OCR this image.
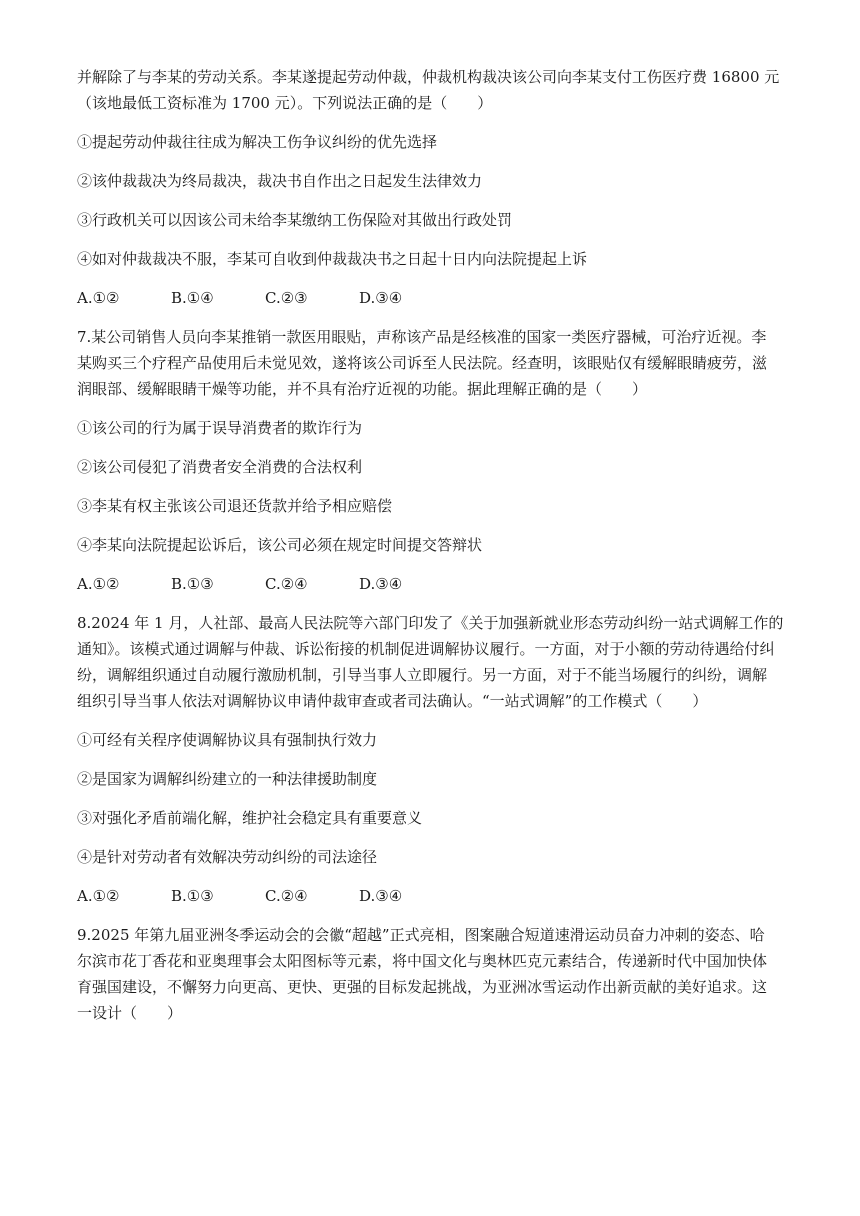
并解除了与李某的劳动关系。李某遂提起劳动仲裁，仲裁机构裁决该公司向李某支付工伤医疗费 16800 元

（该地最低工资标准为 1700 元）。下列说法正确的是（　　）

①提起劳动仲裁往往成为解决工伤争议纠纷的优先选择

②该仲裁裁决为终局裁决，裁决书自作出之日起发生法律效力

③行政机关可以因该公司未给李某缴纳工伤保险对其做出行政处罚

④如对仲裁裁决不服，李某可自收到仲裁裁决书之日起十日内向法院提起上诉

A.①②	B.①④	C.②③	D.③④

7.某公司销售人员向李某推销一款医用眼贴，声称该产品是经核准的国家一类医疗器械，可治疗近视。李

某购买三个疗程产品使用后未觉见效，遂将该公司诉至人民法院。经查明，该眼贴仅有缓解眼睛疲劳，滋

润眼部、缓解眼睛干燥等功能，并不具有治疗近视的功能。据此理解正确的是（　　）

①该公司的行为属于误导消费者的欺诈行为

②该公司侵犯了消费者安全消费的合法权利

③李某有权主张该公司退还货款并给予相应赔偿

④李某向法院提起讼诉后，该公司必须在规定时间提交答辩状

A.①②	B.①③	C.②④	D.③④

8.2024 年 1 月，人社部、最高人民法院等六部门印发了《关于加强新就业形态劳动纠纷一站式调解工作的

通知》。该模式通过调解与仲裁、诉讼衔接的机制促进调解协议履行。一方面，对于小额的劳动待遇给付纠

纷，调解组织通过自动履行激励机制，引导当事人立即履行。另一方面，对于不能当场履行的纠纷，调解

组织引导当事人依法对调解协议申请仲裁审查或者司法确认。“一站式调解”的工作模式（　　）

①可经有关程序使调解协议具有强制执行效力

②是国家为调解纠纷建立的一种法律援助制度

③对强化矛盾前端化解，维护社会稳定具有重要意义

④是针对劳动者有效解决劳动纠纷的司法途径

A.①②	B.①③	C.②④	D.③④

9.2025 年第九届亚洲冬季运动会的会徽“超越”正式亮相，图案融合短道速滑运动员奋力冲刺的姿态、哈

尔滨市花丁香花和亚奥理事会太阳图标等元素，将中国文化与奥林匹克元素结合，传递新时代中国加快体

育强国建设，不懈努力向更高、更快、更强的目标发起挑战，为亚洲冰雪运动作出新贡献的美好追求。这

一设计（　　）
